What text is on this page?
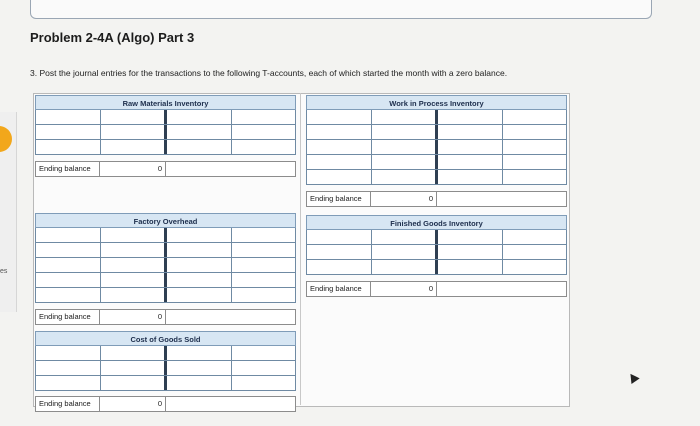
es
Problem 2-4A (Algo) Part 3
3. Post the journal entries for the transactions to the following T-accounts, each of which started the month with a zero balance.
Raw Materials Inventory
Ending balance	0
Work in Process Inventory
Ending balance	0
Factory Overhead
Ending balance	0
Finished Goods Inventory
Ending balance	0
Cost of Goods Sold
Ending balance	0
